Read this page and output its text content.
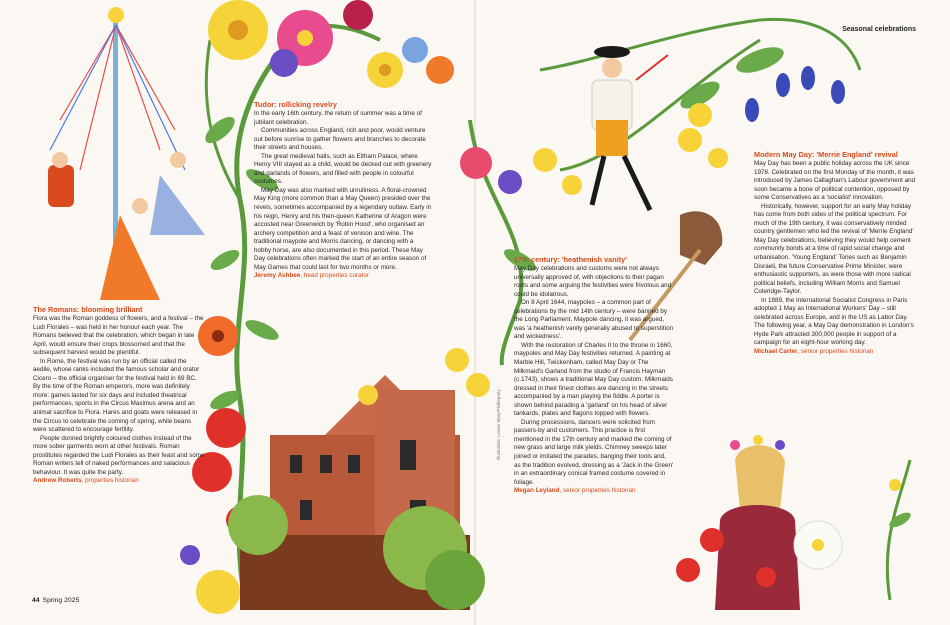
Seasonal celebrations
44 Spring 2025
Illustration: Louise Mary/Pickleparty
The Romans: blooming brilliant

Flora was the Roman goddess of flowers, and a festival – the Ludi Florales – was held in her honour each year. The Romans believed that the celebration, which began in late April, would ensure their crops blossomed and that the subsequent harvest would be plentiful.

In Rome, the festival was run by an official called the aedile, whose ranks included the famous scholar and orator Cicero – the official organiser for the festival held in 69 BC. By the time of the Roman emperors, more was definitely more: games lasted for six days and included theatrical performances, sports in the Circus Maximus arena and an animal sacrifice to Flora. Hares and goats were released in the Circus to celebrate the coming of spring, while beans were scattered to encourage fertility.

People donned brightly coloured clothes instead of the more sober garments worn at other festivals. Roman prostitutes regarded the Ludi Florales as their feast and some Roman writers tell of naked performances and salacious behaviour. It was quite the party.

Andrew Roberts, properties historian
Tudor: rollicking revelry

In the early 16th century, the return of summer was a time of jubilant celebration.

Communities across England, rich and poor, would venture out before sunrise to gather flowers and branches to decorate their streets and houses.

The great medieval halls, such as Eltham Palace, where Henry VIII stayed as a child, would be decked out with greenery and garlands of flowers, and filled with people in colourful costumes.

May Day was also marked with unruliness. A floral-crowned May King (more common than a May Queen) presided over the revels, sometimes accompanied by a legendary outlaw. Early in his reign, Henry and his then-queen Katherine of Aragon were accosted near Greenwich by 'Robin Hood', who organised an archery competition and a feast of venison and wine. The traditional maypole and Morris dancing, or dancing with a hobby horse, are also documented in this period. These May Day celebrations often marked the start of an entire season of May Games that could last for two months or more.

Jeremy Ashbee, head properties curator
17th century: 'heathenish vanity'

May Day celebrations and customs were not always universally approved of, with objections to their pagan roots and some arguing the festivities were frivolous and could be idolatrous.

On 8 April 1644, maypoles – a common part of celebrations by the mid 14th century – were banned by the Long Parliament. Maypole dancing, it was argued, was 'a heathenish vanity generally abused to superstition and wickedness'.

With the restoration of Charles II to the throne in 1660, maypoles and May Day festivities returned. A painting at Marble Hill, Twickenham, called May Day or The Milkmaid's Garland from the studio of Francis Hayman (c.1743), shows a traditional May Day custom. Milkmaids dressed in their finest clothes are dancing in the streets accompanied by a man playing the fiddle. A porter is shown behind parading a 'garland' on his head of silver tankards, plates and flagons topped with flowers.

During processions, dancers were solicited from passers-by and customers. This practice is first mentioned in the 17th century and marked the coming of new grass and large milk yields. Chimney sweeps later joined or imitated the parades, banging their tools and, as the tradition evolved, dressing as a 'Jack in the Green' in an extraordinary conical framed costume covered in foliage.

Megan Leyland, senior properties historian
Modern May Day: 'Merrie England' revival

May Day has been a public holiday across the UK since 1978. Celebrated on the first Monday of the month, it was introduced by James Callaghan's Labour government and soon became a bone of political contention, opposed by some Conservatives as a 'socialist' innovation.

Historically, however, support for an early May holiday has come from both sides of the political spectrum. For much of the 19th century, it was conservatively minded country gentlemen who led the revival of 'Merrie England' May Day celebrations, believing they would help cement community bonds at a time of rapid social change and urbanisation. 'Young England' Tories such as Benjamin Disraeli, the future Conservative Prime Minister, were enthusiastic supporters, as were those with more radical political beliefs, including William Morris and Samuel Coleridge-Taylor.

In 1889, the International Socialist Congress in Paris adopted 1 May as International Workers' Day – still celebrated across Europe, and in the US as Labor Day. The following year, a May Day demonstration in London's Hyde Park attracted 300,000 people in support of a campaign for an eight-hour working day.

Michael Carter, senior properties historian
